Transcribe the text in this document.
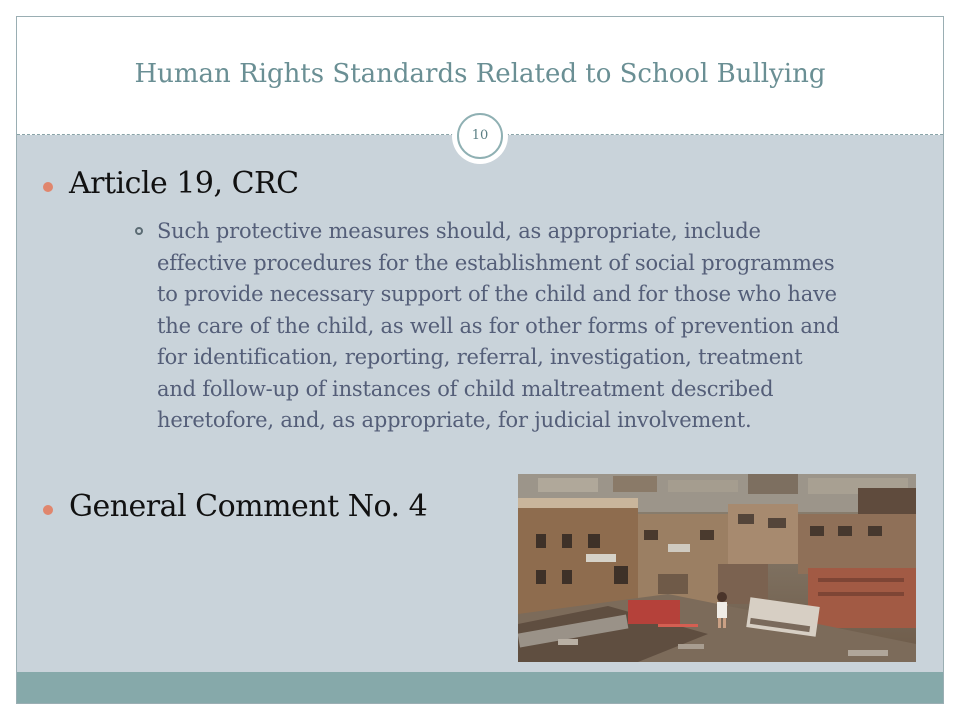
Human Rights Standards Related to School Bullying
10
Article 19, CRC
Such protective measures should, as appropriate, include
effective procedures for the establishment of social programmes
to provide necessary support of the child and for those who have
the care of the child, as well as for other forms of prevention and
for identification, reporting, referral, investigation, treatment
and follow-up of instances of child maltreatment described
heretofore, and, as appropriate, for judicial involvement.
General Comment No. 4
